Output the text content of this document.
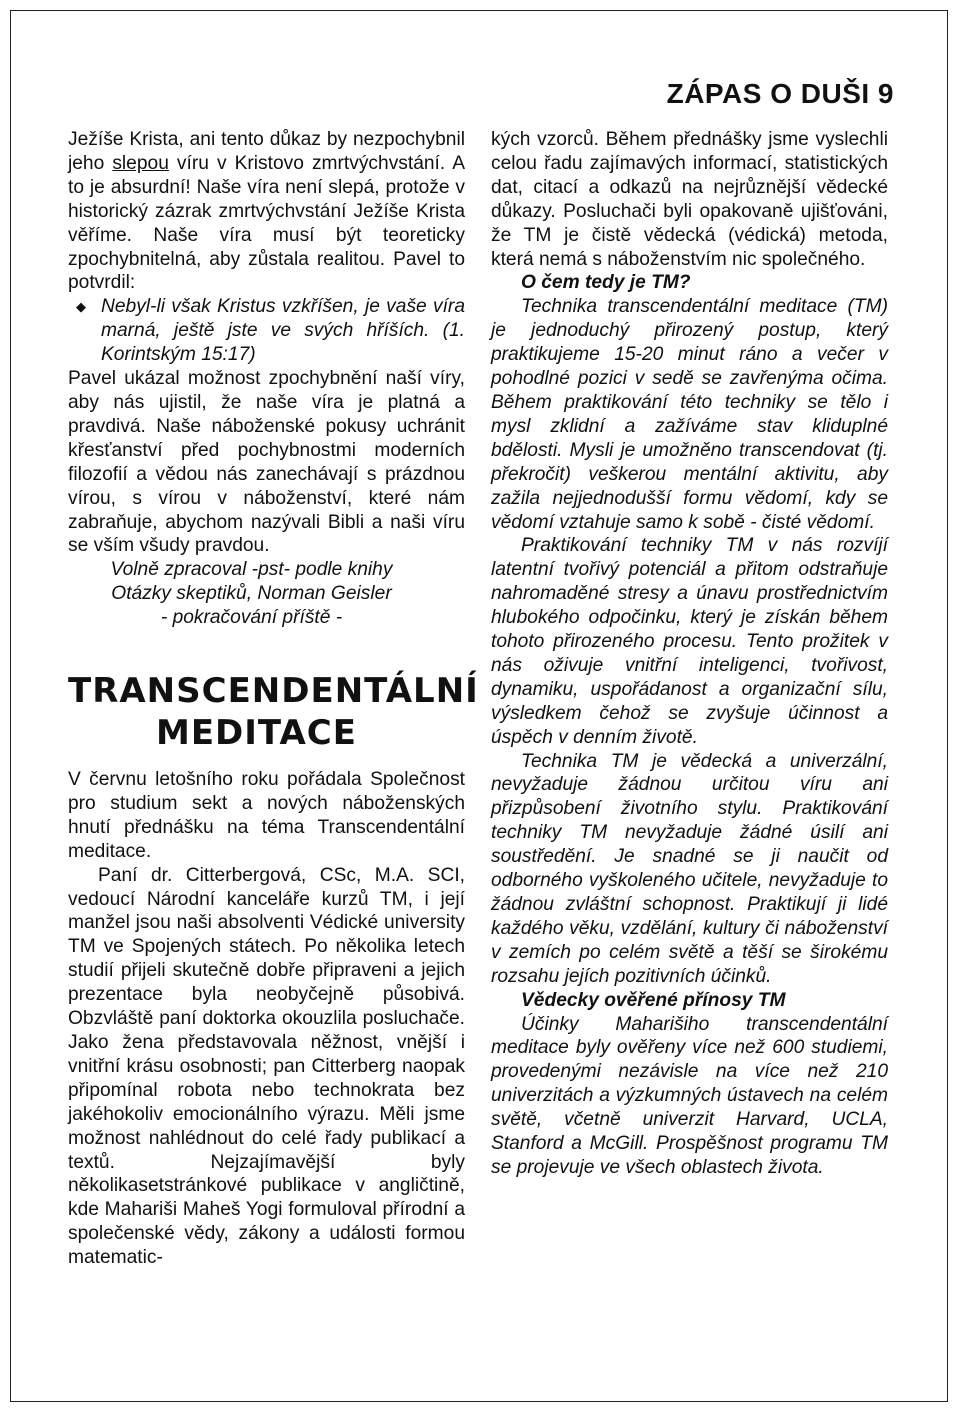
ZÁPAS O DUŠI 9

Ježíše Krista, ani tento důkaz by nezpochybnil jeho slepou víru v Kristovo zmrtvýchvstání. A to je absurdní! Naše víra není slepá, protože v historický zázrak zmrtvýchvstání Ježíše Krista věříme. Naše víra musí být teoreticky zpochybnitelná, aby zůstala realitou. Pavel to potvrdil:

◆ Nebyl-li však Kristus vzkříšen, je vaše víra marná, ještě jste ve svých hříších. (1. Korintským 15:17)

Pavel ukázal možnost zpochybnění naší víry, aby nás ujistil, že naše víra je platná a pravdivá. Naše náboženské pokusy uchránit křesťanství před pochybnostmi moderních filozofií a vědou nás zanechávají s prázdnou vírou, s vírou v náboženství, které nám zabraňuje, abychom nazývali Bibli a naši víru se vším všudy pravdou.

Volně zpracoval -pst- podle knihy

Otázky skeptiků, Norman Geisler

- pokračování příště -

TRANSCENDENTÁLNÍ MEDITACE

V červnu letošního roku pořádala Společnost pro studium sekt a nových náboženských hnutí přednášku na téma Transcendentální meditace.

Paní dr. Citterbergová, CSc, M.A. SCI, vedoucí Národní kanceláře kurzů TM, i její manžel jsou naši absolventi Védické university TM ve Spojených státech. Po několika letech studií přijeli skutečně dobře připraveni a jejich prezentace byla neobyčejně působivá. Obzvláště paní doktorka okouzlila posluchače. Jako žena představovala něžnost, vnější i vnitřní krásu osobnosti; pan Citterberg naopak připomínal robota nebo technokrata bez jakéhokoliv emocionálního výrazu. Měli jsme možnost nahlédnout do celé řady publikací a textů. Nejzajímavější byly několikasetstránkové publikace v angličtině, kde Mahariši Maheš Yogi formuloval přírodní a společenské vědy, zákony a události formou matematic-

kých vzorců. Během přednášky jsme vyslechli celou řadu zajímavých informací, statistických dat, citací a odkazů na nejrůznější vědecké důkazy. Posluchači byli opakovaně ujišťováni, že TM je čistě vědecká (védická) metoda, která nemá s náboženstvím nic společného.

O čem tedy je TM?

Technika transcendentální meditace (TM) je jednoduchý přirozený postup, který praktikujeme 15-20 minut ráno a večer v pohodlné pozici v sedě se zavřenýma očima. Během praktikování této techniky se tělo i mysl zklidní a zažíváme stav kliduplné bdělosti. Mysli je umožněno transcendovat (tj. překročit) veškerou mentální aktivitu, aby zažila nejjednodušší formu vědomí, kdy se vědomí vztahuje samo k sobě - čisté vědomí.

Praktikování techniky TM v nás rozvíjí latentní tvořivý potenciál a přitom odstraňuje nahromaděné stresy a únavu prostřednictvím hlubokého odpočinku, který je získán během tohoto přirozeného procesu. Tento prožitek v nás oživuje vnitřní inteligenci, tvořivost, dynamiku, uspořádanost a organizační sílu, výsledkem čehož se zvyšuje účinnost a úspěch v denním životě.

Technika TM je vědecká a univerzální, nevyžaduje žádnou určitou víru ani přizpůsobení životního stylu. Praktikování techniky TM nevyžaduje žádné úsilí ani soustředění. Je snadné se ji naučit od odborného vyškoleného učitele, nevyžaduje to žádnou zvláštní schopnost. Praktikují ji lidé každého věku, vzdělání, kultury či náboženství v zemích po celém světě a těší se širokému rozsahu jejích pozitivních účinků.

Vědecky ověřené přínosy TM

Účinky Maharišiho transcendentální meditace byly ověřeny více než 600 studiemi, provedenými nezávisle na více než 210 univerzitách a výzkumných ústavech na celém světě, včetně univerzit Harvard, UCLA, Stanford a McGill. Prospěšnost programu TM se projevuje ve všech oblastech života.
